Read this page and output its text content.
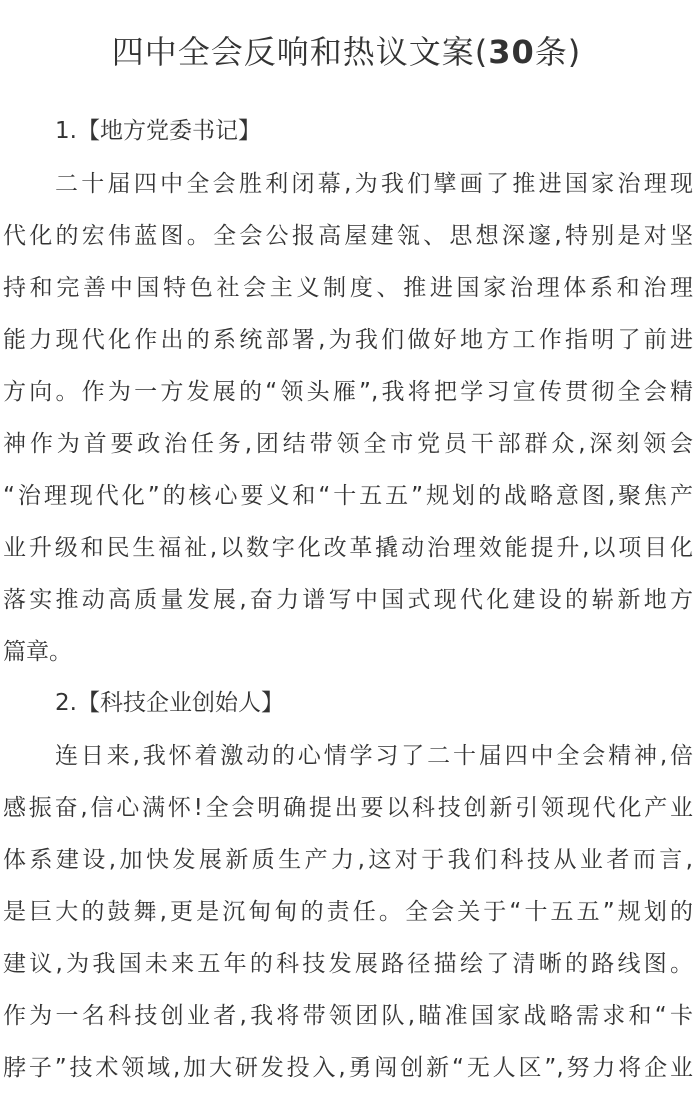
四中全会反响和热议文案(30条)
1.【地方党委书记】
二十届四中全会胜利闭幕,为我们擘画了推进国家治理现
代化的宏伟蓝图。全会公报高屋建瓴、思想深邃,特别是对坚
持和完善中国特色社会主义制度、推进国家治理体系和治理
能力现代化作出的系统部署,为我们做好地方工作指明了前进
方向。作为一方发展的“领头雁”,我将把学习宣传贯彻全会精
神作为首要政治任务,团结带领全市党员干部群众,深刻领会
“治理现代化”的核心要义和“十五五”规划的战略意图,聚焦产
业升级和民生福祉,以数字化改革撬动治理效能提升,以项目化
落实推动高质量发展,奋力谱写中国式现代化建设的崭新地方
篇章。
2.【科技企业创始人】
连日来,我怀着激动的心情学习了二十届四中全会精神,倍
感振奋,信心满怀!全会明确提出要以科技创新引领现代化产业
体系建设,加快发展新质生产力,这对于我们科技从业者而言,
是巨大的鼓舞,更是沉甸甸的责任。全会关于“十五五”规划的
建议,为我国未来五年的科技发展路径描绘了清晰的路线图。
作为一名科技创业者,我将带领团队,瞄准国家战略需求和“卡
脖子”技术领域,加大研发投入,勇闯创新“无人区”,努力将企业
